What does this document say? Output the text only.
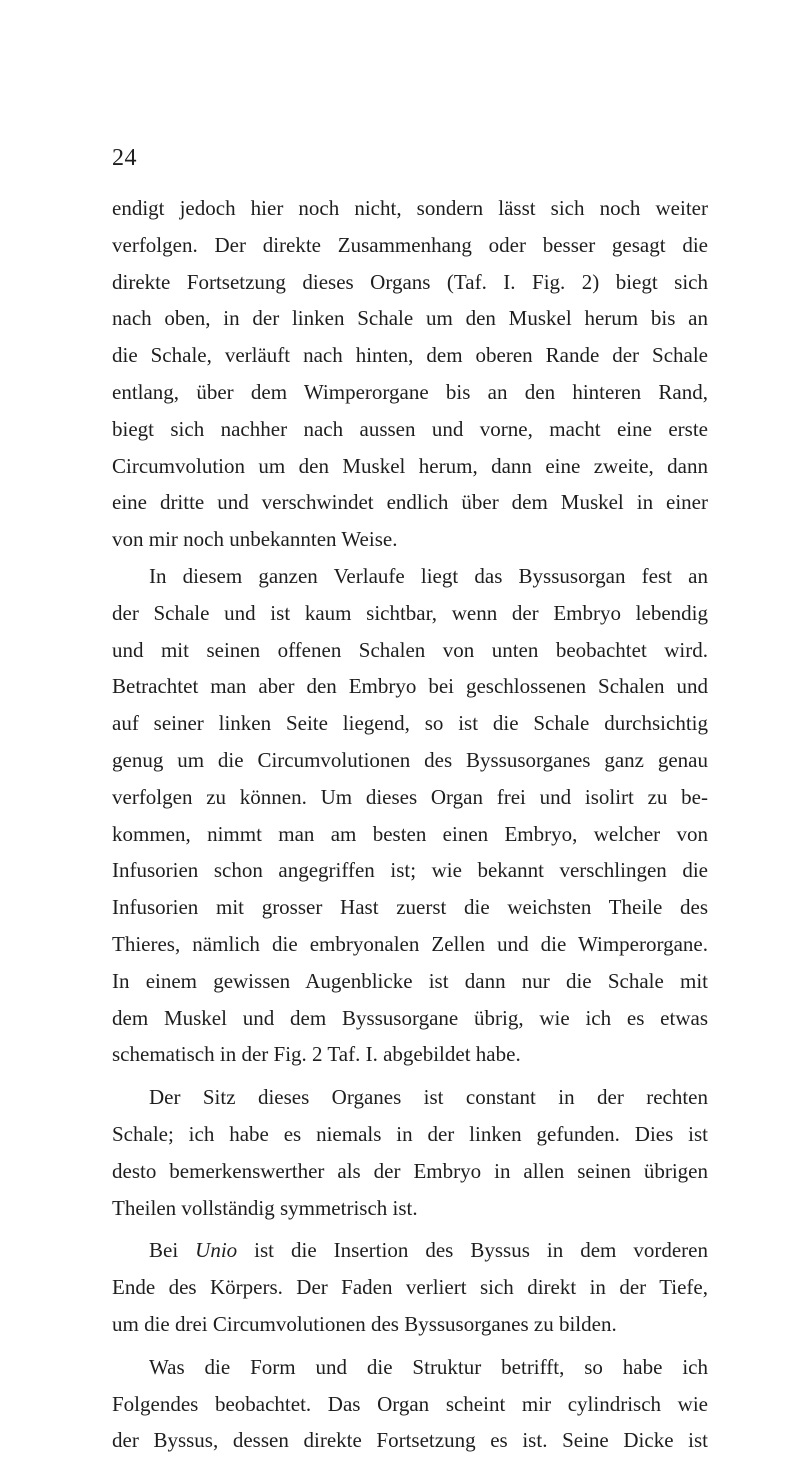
24
endigt jedoch hier noch nicht, sondern lässt sich noch weiter
verfolgen. Der direkte Zusammenhang oder besser gesagt die
direkte Fortsetzung dieses Organs (Taf. I. Fig. 2) biegt sich
nach oben, in der linken Schale um den Muskel herum bis an
die Schale, verläuft nach hinten, dem oberen Rande der Schale
entlang, über dem Wimperorgane bis an den hinteren Rand,
biegt sich nachher nach aussen und vorne, macht eine erste
Circumvolution um den Muskel herum, dann eine zweite, dann
eine dritte und verschwindet endlich über dem Muskel in einer
von mir noch unbekannten Weise.
In diesem ganzen Verlaufe liegt das Byssusorgan fest an
der Schale und ist kaum sichtbar, wenn der Embryo lebendig
und mit seinen offenen Schalen von unten beobachtet wird.
Betrachtet man aber den Embryo bei geschlossenen Schalen und
auf seiner linken Seite liegend, so ist die Schale durchsichtig
genug um die Circumvolutionen des Byssusorganes ganz genau
verfolgen zu können. Um dieses Organ frei und isolirt zu be-
kommen, nimmt man am besten einen Embryo, welcher von
Infusorien schon angegriffen ist; wie bekannt verschlingen die
Infusorien mit grosser Hast zuerst die weichsten Theile des
Thieres, nämlich die embryonalen Zellen und die Wimperorgane.
In einem gewissen Augenblicke ist dann nur die Schale mit
dem Muskel und dem Byssusorgane übrig, wie ich es etwas
schematisch in der Fig. 2 Taf. I. abgebildet habe.
Der Sitz dieses Organes ist constant in der rechten
Schale; ich habe es niemals in der linken gefunden. Dies ist
desto bemerkenswerther als der Embryo in allen seinen übrigen
Theilen vollständig symmetrisch ist.
Bei Unio ist die Insertion des Byssus in dem vorderen
Ende des Körpers. Der Faden verliert sich direkt in der Tiefe,
um die drei Circumvolutionen des Byssusorganes zu bilden.
Was die Form und die Struktur betrifft, so habe ich
Folgendes beobachtet. Das Organ scheint mir cylindrisch wie
der Byssus, dessen direkte Fortsetzung es ist. Seine Dicke ist
